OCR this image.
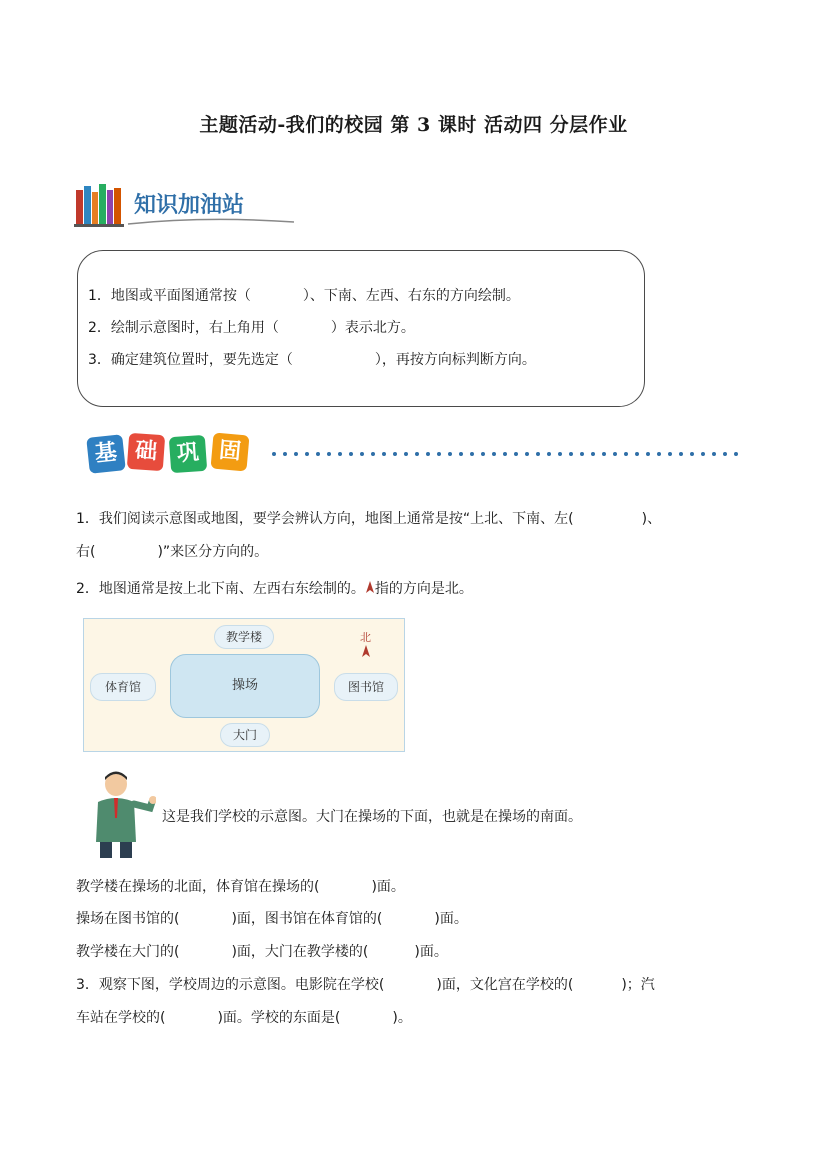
主题活动-我们的校园 第 3 课时 活动四 分层作业
知识加油站
1．地图或平面图通常按（	）、下南、左西、右东的方向绘制。
2．绘制示意图时，右上角用（	）表示北方。
3．确定建筑位置时，要先选定（	），再按方向标判断方向。
基 础 巩 固
1．我们阅读示意图或地图，要学会辨认方向，地图上通常是按“上北、下南、左(	)、
右(	)”来区分方向的。
2．地图通常是按上北下南、左西右东绘制的。 指的方向是北。
教学楼
体育馆	操场	图书馆
大门
北
这是我们学校的示意图。大门在操场的下面，也就是在操场的南面。
教学楼在操场的北面，体育馆在操场的(	)面。
操场在图书馆的(	)面，图书馆在体育馆的(	)面。
教学楼在大门的(	)面，大门在教学楼的(	)面。
3．观察下图，学校周边的示意图。电影院在学校(	)面，文化宫在学校的(	)；汽
车站在学校的(	)面。学校的东面是(	)。
